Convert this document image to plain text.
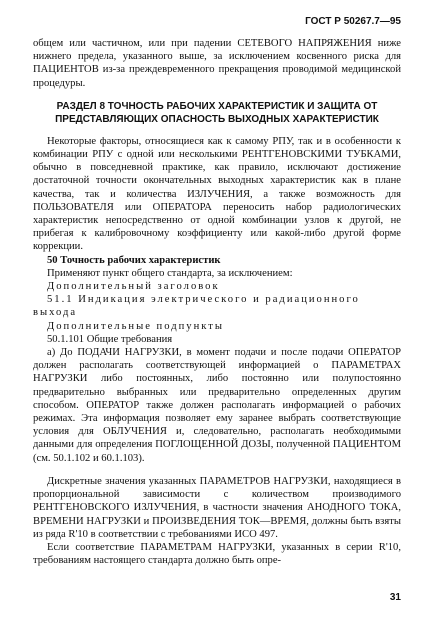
ГОСТ Р 50267.7—95

общем или частичном, или при падении СЕТЕВОГО НАПРЯЖЕНИЯ ниже нижнего предела, указанного выше, за исключением косвенного риска для ПАЦИЕНТОВ из-за преждевременного прекращения проводимой медицинской процедуры.

РАЗДЕЛ 8 ТОЧНОСТЬ РАБОЧИХ ХАРАКТЕРИСТИК И ЗАЩИТА ОТ ПРЕДСТАВЛЯЮЩИХ ОПАСНОСТЬ ВЫХОДНЫХ ХАРАКТЕРИСТИК

Некоторые факторы, относящиеся как к самому РПУ, так и в особенности к комбинации РПУ с одной или несколькими РЕНТГЕНОВСКИМИ ТУБКАМИ, обычно в повседневной практике, как правило, исключают достижение достаточной точности окончательных выходных характеристик как в плане качества, так и количества ИЗЛУЧЕНИЯ, а также возможность для ПОЛЬЗОВАТЕЛЯ или ОПЕРАТОРА переносить набор радиологических характеристик непосредственно от одной комбинации узлов к другой, не прибегая к калибровочному коэффициенту или какой-либо другой форме коррекции.

50 Точность рабочих характеристик

Применяют пункт общего стандарта, за исключением:

Дополнительный заголовок

51.1 Индикация электрического и радиационного выхода

Дополнительные подпункты

50.1.101 Общие требования

а) До ПОДАЧИ НАГРУЗКИ, в момент подачи и после подачи ОПЕРАТОР должен располагать соответствующей информацией о ПАРАМЕТРАХ НАГРУЗКИ либо постоянных, либо постоянно или полупостоянно предварительно выбранных или предварительно определенных другим способом. ОПЕРАТОР также должен располагать информацией о рабочих режимах. Эта информация позволяет ему заранее выбрать соответствующие условия для ОБЛУЧЕНИЯ и, следовательно, располагать необходимыми данными для определения ПОГЛОЩЕННОЙ ДОЗЫ, полученной ПАЦИЕНТОМ (см. 50.1.102 и 60.1.103).

Дискретные значения указанных ПАРАМЕТРОВ НАГРУЗКИ, находящиеся в пропорциональной зависимости с количеством производимого РЕНТГЕНОВСКОГО ИЗЛУЧЕНИЯ, в частности значения АНОДНОГО ТОКА, ВРЕМЕНИ НАГРУЗКИ и ПРОИЗВЕДЕНИЯ ТОК—ВРЕМЯ, должны быть взяты из ряда R'10 в соответствии с требованиями ИСО 497.

Если соответствие ПАРАМЕТРАМ НАГРУЗКИ, указанных в серии R'10, требованиям настоящего стандарта должно быть опре-

31
